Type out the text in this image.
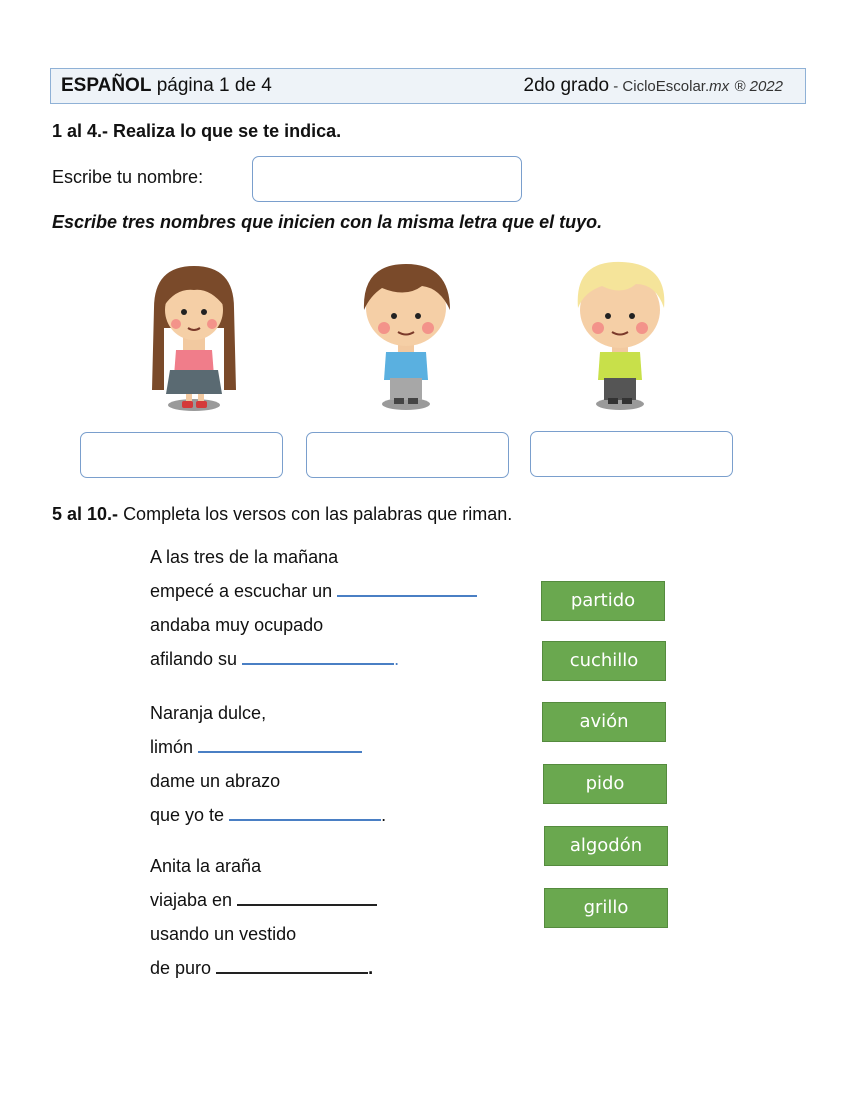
ESPAÑOL página 1 de 4	2do grado - CicloEscolar.mx ® 2022
1 al 4.- Realiza lo que se te indica.
Escribe tu nombre:
Escribe tres nombres que inicien con la misma letra que el tuyo.
5 al 10.- Completa los versos con las palabras que riman.
A las tres de la mañana
empecé a escuchar un
andaba muy ocupado
afilando su	.
Naranja dulce,
limón
dame un abrazo
que yo te	.
Anita la araña
viajaba en
usando un vestido
de puro	.
partido
cuchillo
avión
pido
algodón
grillo
